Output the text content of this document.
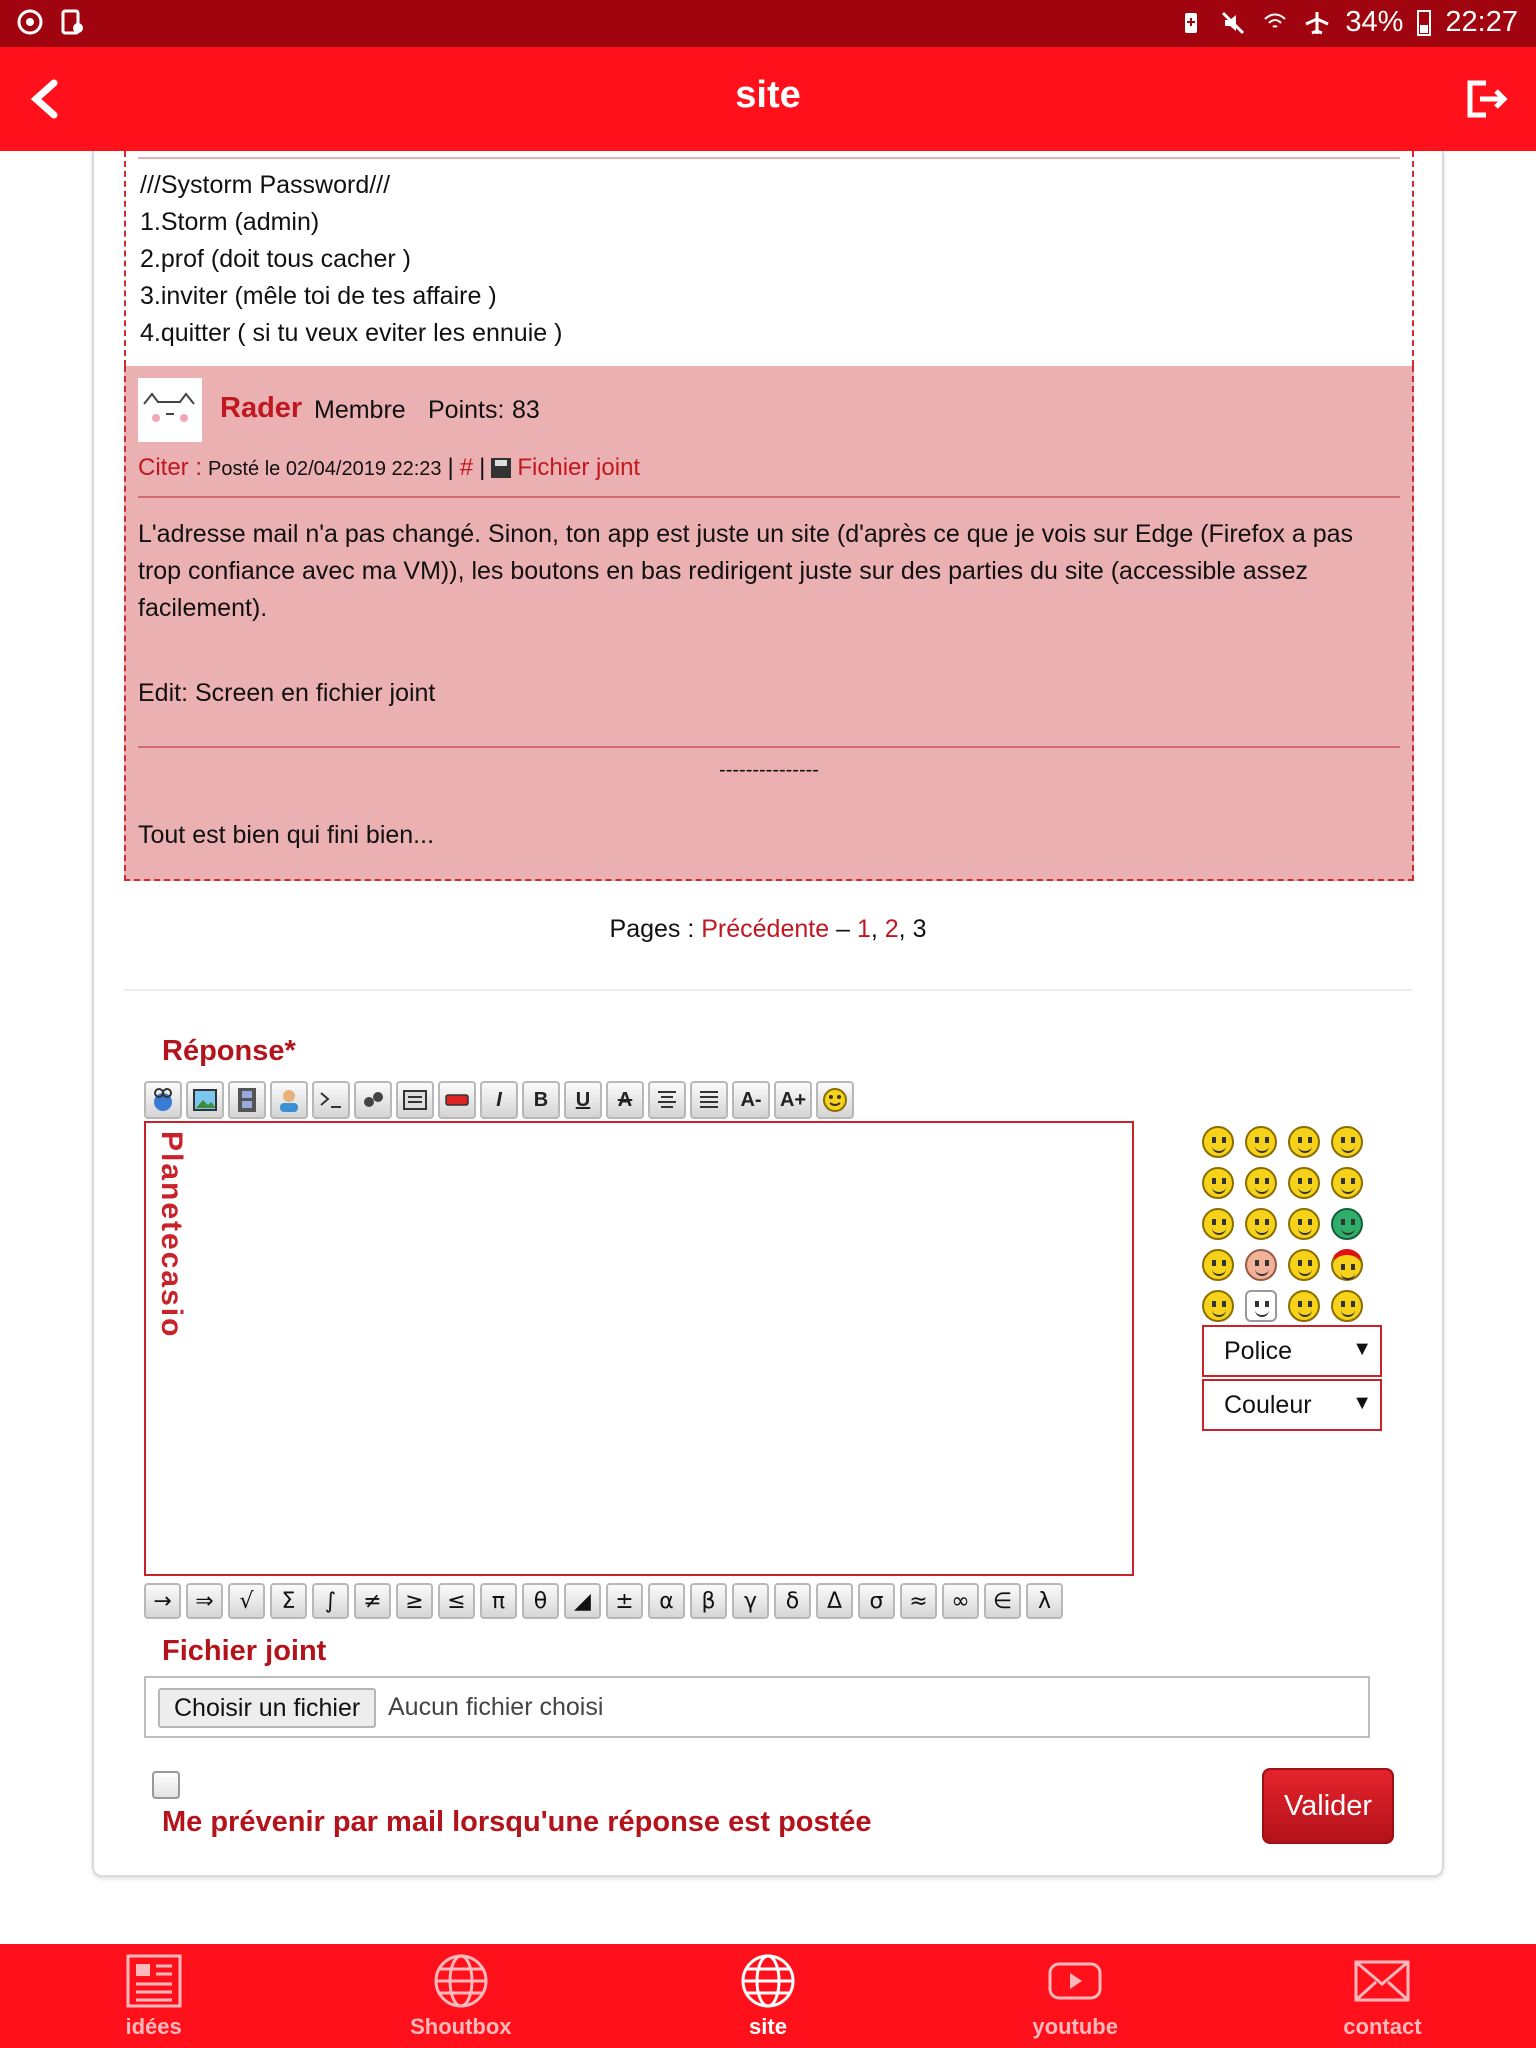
34% 22:27
site
///Systorm Password///
1.Storm (admin)
2.prof (doit tous cacher )
3.inviter (mêle toi de tes affaire )
4.quitter ( si tu veux eviter les ennuie )
Rader Membre Points: 83
Citer : Posté le 02/04/2019 22:23 | # | Fichier joint
L'adresse mail n'a pas changé. Sinon, ton app est juste un site (d'après ce que je vois sur Edge (Firefox a pas trop confiance avec ma VM)), les boutons en bas redirigent juste sur des parties du site (accessible assez facilement).
Edit: Screen en fichier joint
---------------
Tout est bien qui fini bien...
Pages : Précédente – 1, 2, 3
Réponse*
I	B	U	A	A- A+
Planetecasio
Police	▼
Couleur ▼
→	⇒	√	Σ	∫	≠	≥	≤	π	θ	◢	±	α	β	γ	δ	Δ	σ	≈	∞	∈	λ
Fichier joint
Choisir un fichier	Aucun fichier choisi
Me prévenir par mail lorsqu'une réponse est postée
Valider
idées	Shoutbox	site	youtube	contact
